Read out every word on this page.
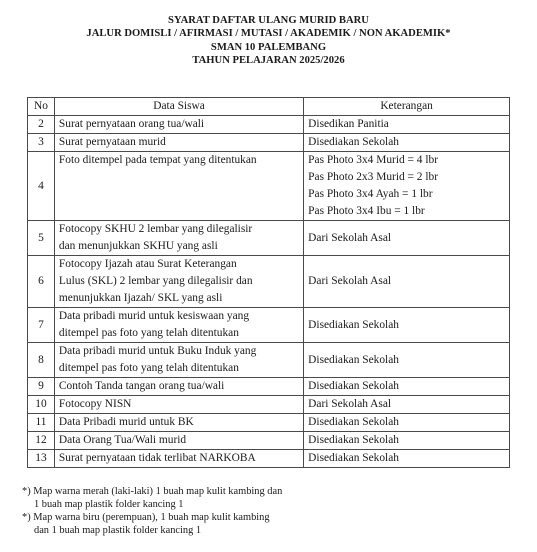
SYARAT DAFTAR ULANG MURID BARU
JALUR DOMISLI / AFIRMASI / MUTASI / AKADEMIK / NON AKADEMIK*
SMAN 10 PALEMBANG
TAHUN PELAJARAN 2025/2026
No	Data Siswa	Keterangan
2	Surat pernyataan orang tua/wali	Disedikan Panitia

3	Surat pernyataan murid	Disediakan Sekolah

4	Foto ditempel pada tempat yang ditentukan	Pas Photo 3x4 Murid = 4 lbr
Pas Photo 2x3 Murid = 2 lbr
Pas Photo 3x4 Ayah = 1 lbr
Pas Photo 3x4 Ibu = 1 lbr

5	Fotocopy SKHU 2 lembar yang dilegalisir
dan menunjukkan SKHU yang asli	Dari Sekolah Asal

6	Fotocopy Ijazah atau Surat Keterangan
Lulus (SKL) 2 lembar yang dilegalisir dan
menunjukkan Ijazah/ SKL yang asli	Dari Sekolah Asal

7	Data pribadi murid untuk kesiswaan yang
ditempel pas foto yang telah ditentukan	Disediakan Sekolah

8	Data pribadi murid untuk Buku Induk yang
ditempel pas foto yang telah ditentukan	Disediakan Sekolah

9	Contoh Tanda tangan orang tua/wali	Disediakan Sekolah

10	Fotocopy NISN	Dari Sekolah Asal

11	Data Pribadi murid untuk BK	Disediakan Sekolah

12	Data Orang Tua/Wali murid	Disediakan Sekolah

13	Surat pernyataan tidak terlibat NARKOBA	Disediakan Sekolah
*) Map warna merah (laki-laki) 1 buah map kulit kambing dan
1 buah map plastik folder kancing 1
*) Map warna biru (perempuan), 1 buah map kulit kambing
dan 1 buah map plastik folder kancing 1
